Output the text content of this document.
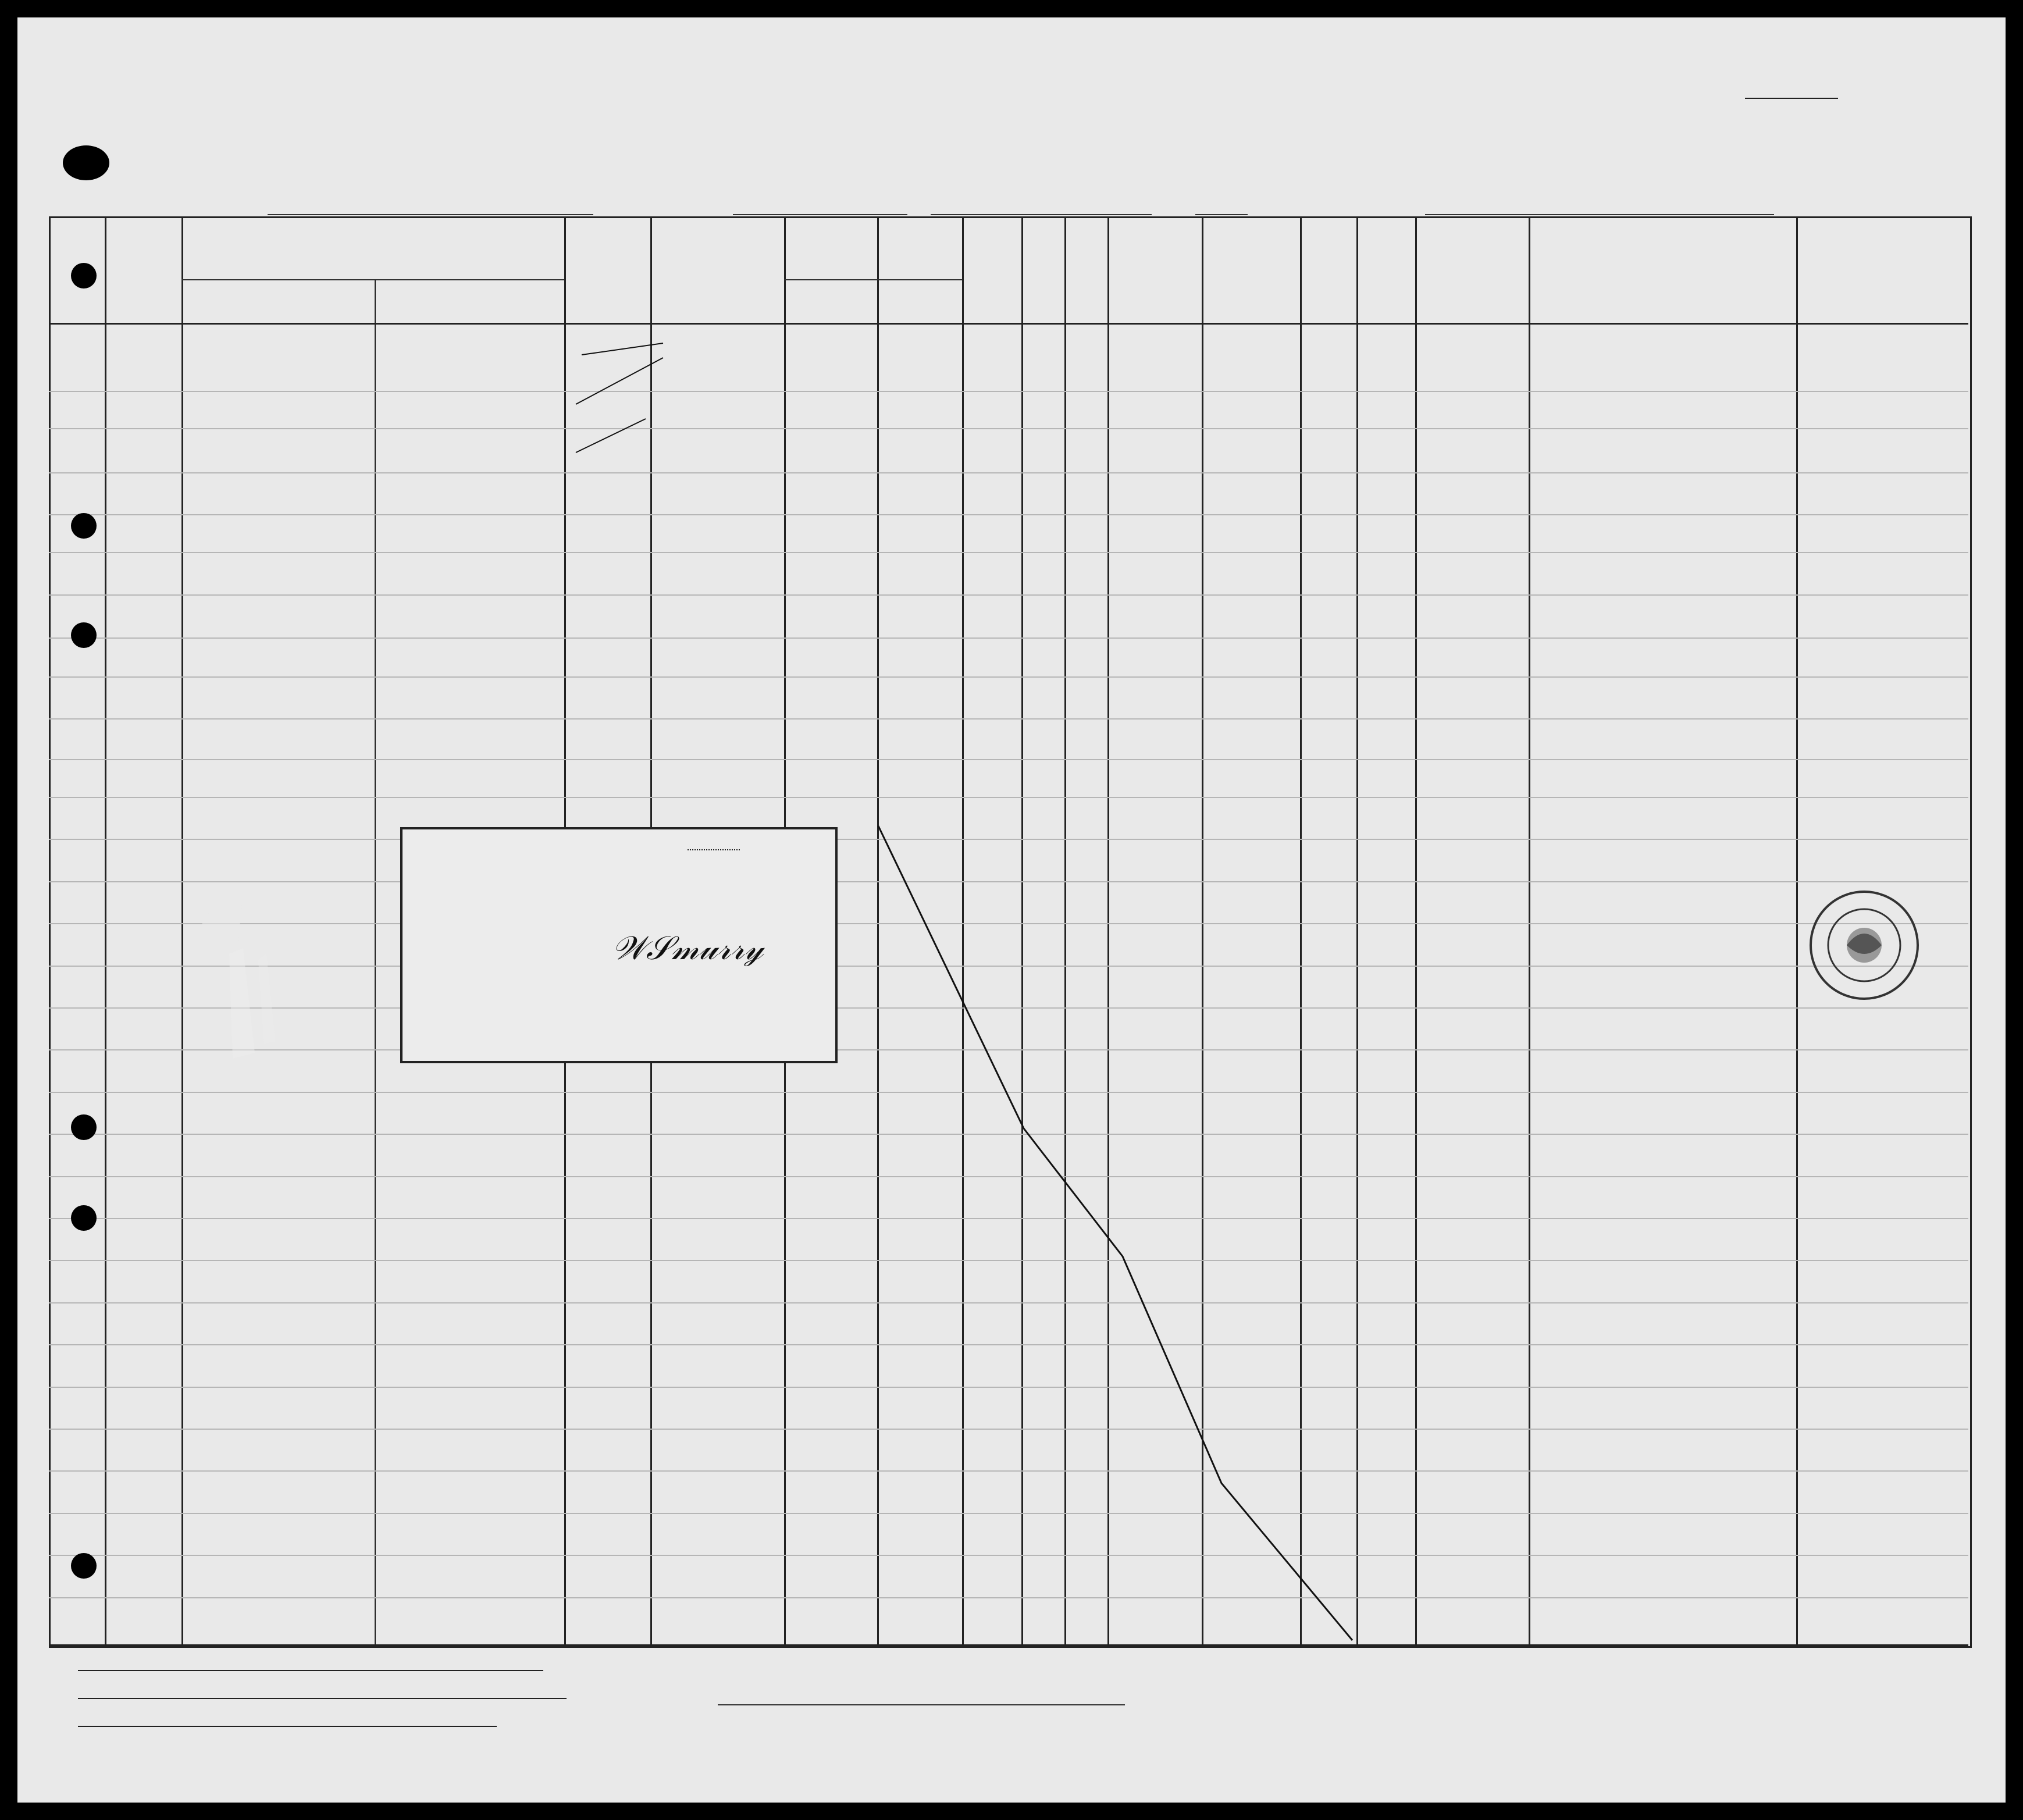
𝒲𝒮𝓂𝓊𝓇𝓇𝓎
